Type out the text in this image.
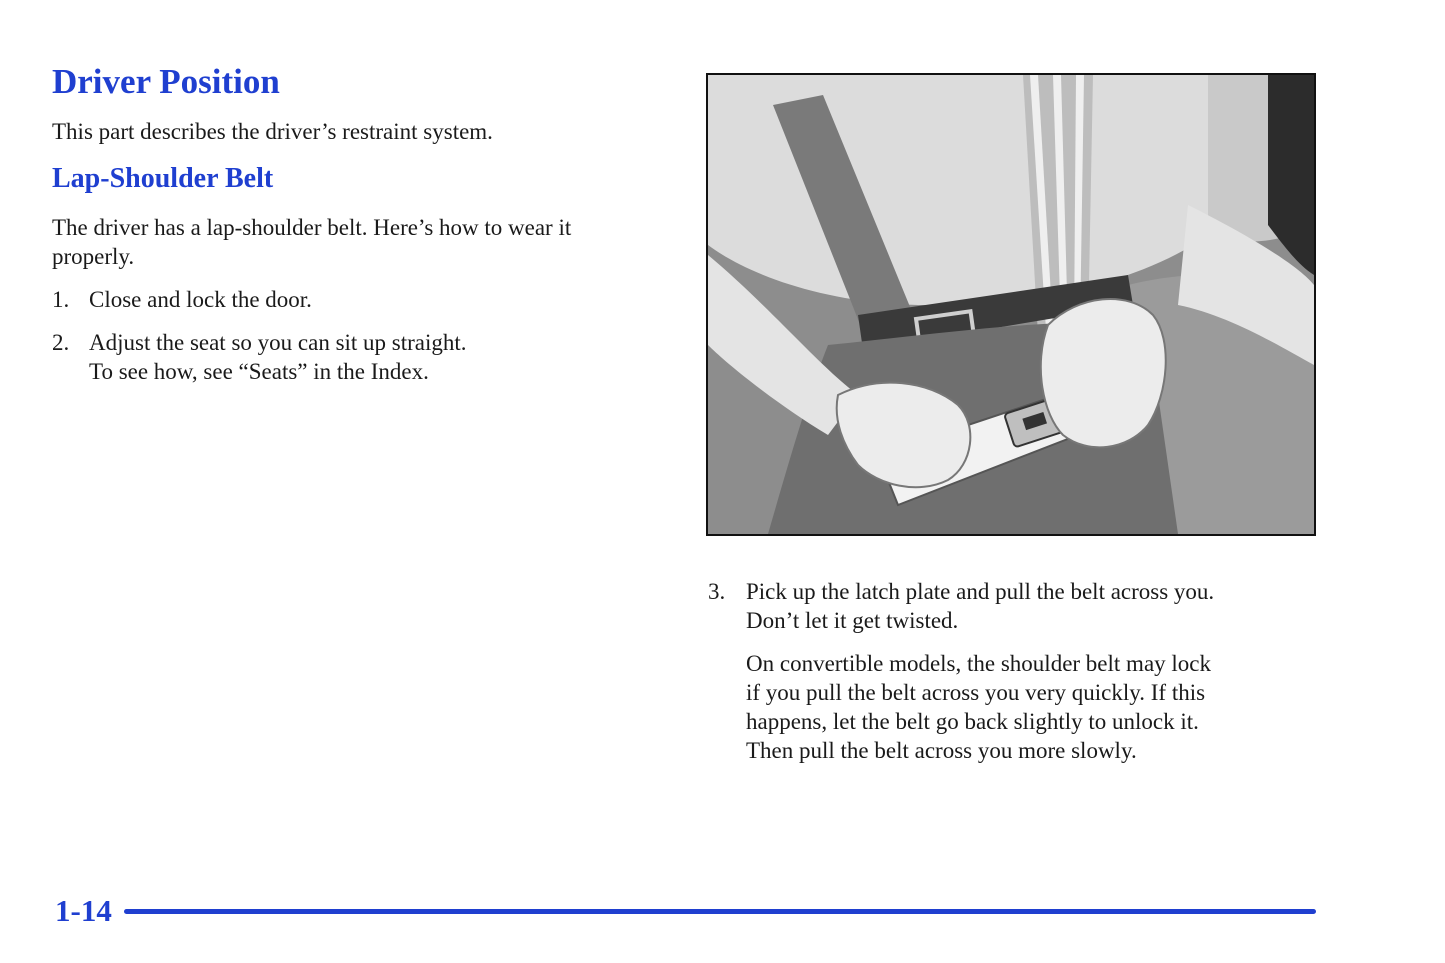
Driver Position

This part describes the driver’s restraint system.

Lap-Shoulder Belt

The driver has a lap-shoulder belt. Here’s how to wear it properly.

1. Close and lock the door.
2. Adjust the seat so you can sit up straight.
To see how, see “Seats” in the Index.
3. Pick up the latch plate and pull the belt across you.
Don’t let it get twisted.
On convertible models, the shoulder belt may lock
if you pull the belt across you very quickly. If this
happens, let the belt go back slightly to unlock it.
Then pull the belt across you more slowly.
1-14
